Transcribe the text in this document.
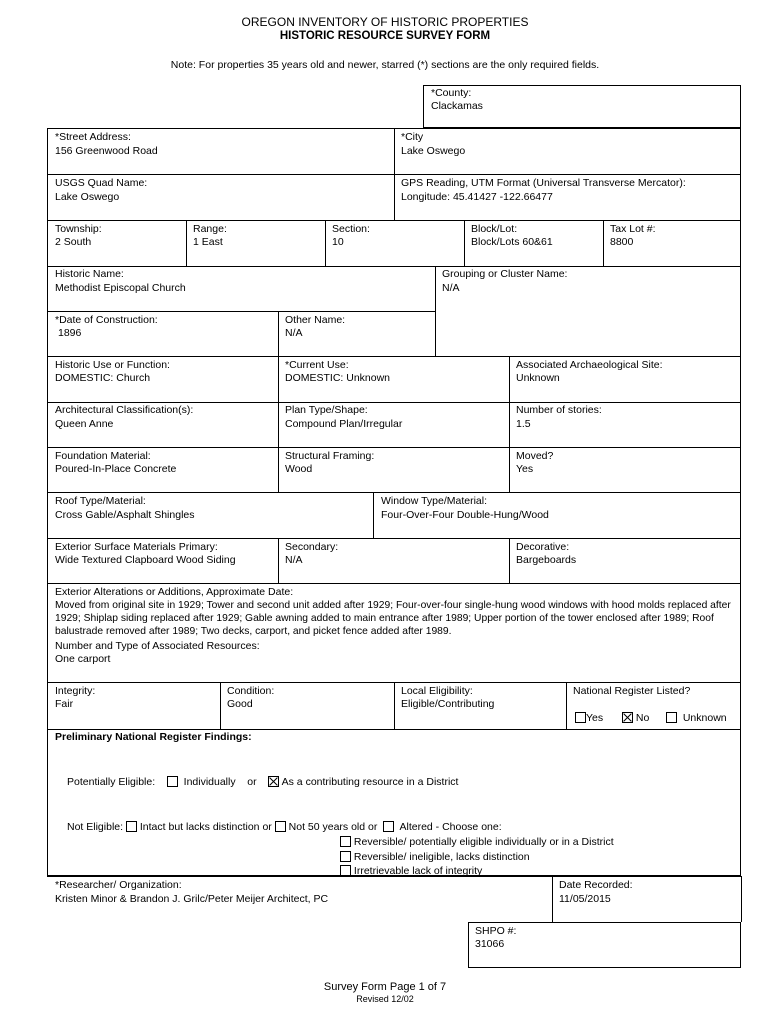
OREGON INVENTORY OF HISTORIC PROPERTIES
HISTORIC RESOURCE SURVEY FORM
Note: For properties 35 years old and newer, starred (*) sections are the only required fields.
*County:
Clackamas
*Street Address:
156 Greenwood Road
*City
Lake Oswego
USGS Quad Name:
Lake Oswego
GPS Reading, UTM Format (Universal Transverse Mercator):
Longitude: 45.41427 -122.66477
Township:
2 South
Range:
1 East
Section:
10
Block/Lot:
Block/Lots 60&61
Tax Lot #:
8800
Historic Name:
Methodist Episcopal Church
Grouping or Cluster Name:
N/A
*Date of Construction:
1896
Other Name:
N/A
Historic Use or Function:
DOMESTIC: Church
*Current Use:
DOMESTIC: Unknown
Associated Archaeological Site:
Unknown
Architectural Classification(s):
Queen Anne
Plan Type/Shape:
Compound Plan/Irregular
Number of stories:
1.5
Foundation Material:
Poured-In-Place Concrete
Structural Framing:
Wood
Moved?
Yes
Roof Type/Material:
Cross Gable/Asphalt Shingles
Window Type/Material:
Four-Over-Four Double-Hung/Wood
Exterior Surface Materials Primary:
Wide Textured Clapboard Wood Siding
Secondary:
N/A
Decorative:
Bargeboards
Exterior Alterations or Additions, Approximate Date:
Moved from original site in 1929; Tower and second unit added after 1929; Four-over-four single-hung wood windows with hood molds replaced after 1929; Shiplap siding replaced after 1929; Gable awning added to main entrance after 1989; Upper portion of the tower enclosed after 1989; Roof balustrade removed after 1989; Two decks, carport, and picket fence added after 1989.
Number and Type of Associated Resources:
One carport
Integrity:
Fair
Condition:
Good
Local Eligibility:
Eligible/Contributing
National Register Listed?
Yes	No	Unknown
Preliminary National Register Findings:
Potentially Eligible:	Individually or As a contributing resource in a District
Not Eligible: Intact but lacks distinction or Not 50 years old or Altered - Choose one:
Reversible/ potentially eligible individually or in a District
Reversible/ ineligible, lacks distinction
Irretrievable lack of integrity
*Researcher/ Organization:
Kristen Minor & Brandon J. Grilc/Peter Meijer Architect, PC
Date Recorded:
11/05/2015
SHPO #:
31066
Survey Form Page 1 of 7
Revised 12/02
